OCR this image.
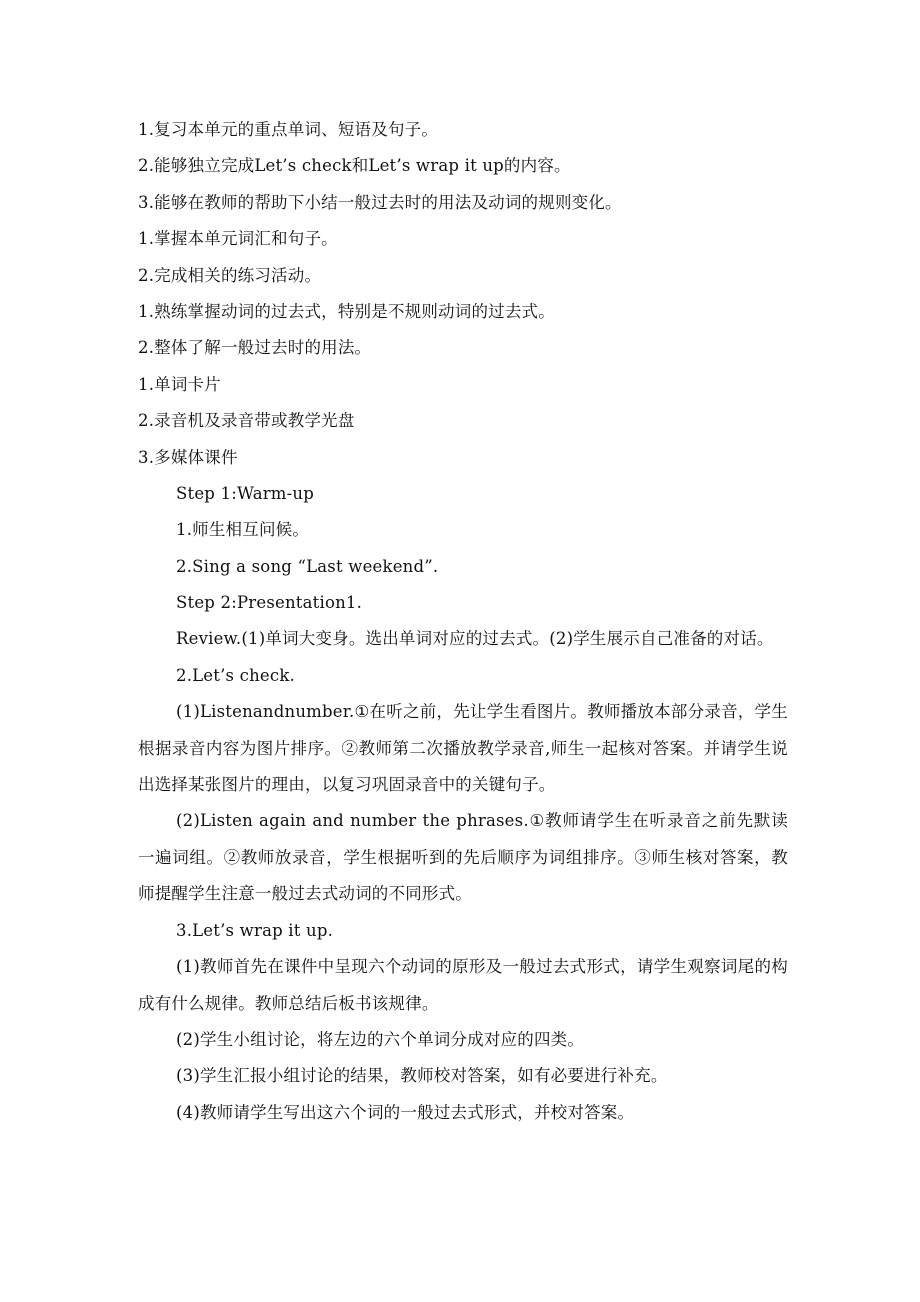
1.复习本单元的重点单词、短语及句子。
2.能够独立完成Let’s check和Let’s wrap it up的内容。
3.能够在教师的帮助下小结一般过去时的用法及动词的规则变化。
1.掌握本单元词汇和句子。
2.完成相关的练习活动。
1.熟练掌握动词的过去式，特别是不规则动词的过去式。
2.整体了解一般过去时的用法。
1.单词卡片
2.录音机及录音带或教学光盘
3.多媒体课件
Step 1:Warm-up
1.师生相互问候。
2.Sing a song “Last weekend”.
Step 2:Presentation1.
Review.(1)单词大变身。选出单词对应的过去式。(2)学生展示自己准备的对话。
2.Let’s check.
(1)Listenandnumber.①在听之前，先让学生看图片。教师播放本部分录音，学生根据录音内容为图片排序。②教师第二次播放教学录音,师生一起核对答案。并请学生说出选择某张图片的理由，以复习巩固录音中的关键句子。
(2)Listen again and number the phrases.①教师请学生在听录音之前先默读一遍词组。②教师放录音，学生根据听到的先后顺序为词组排序。③师生核对答案，教师提醒学生注意一般过去式动词的不同形式。
3.Let’s wrap it up.
(1)教师首先在课件中呈现六个动词的原形及一般过去式形式，请学生观察词尾的构成有什么规律。教师总结后板书该规律。
(2)学生小组讨论，将左边的六个单词分成对应的四类。
(3)学生汇报小组讨论的结果，教师校对答案，如有必要进行补充。
(4)教师请学生写出这六个词的一般过去式形式，并校对答案。
